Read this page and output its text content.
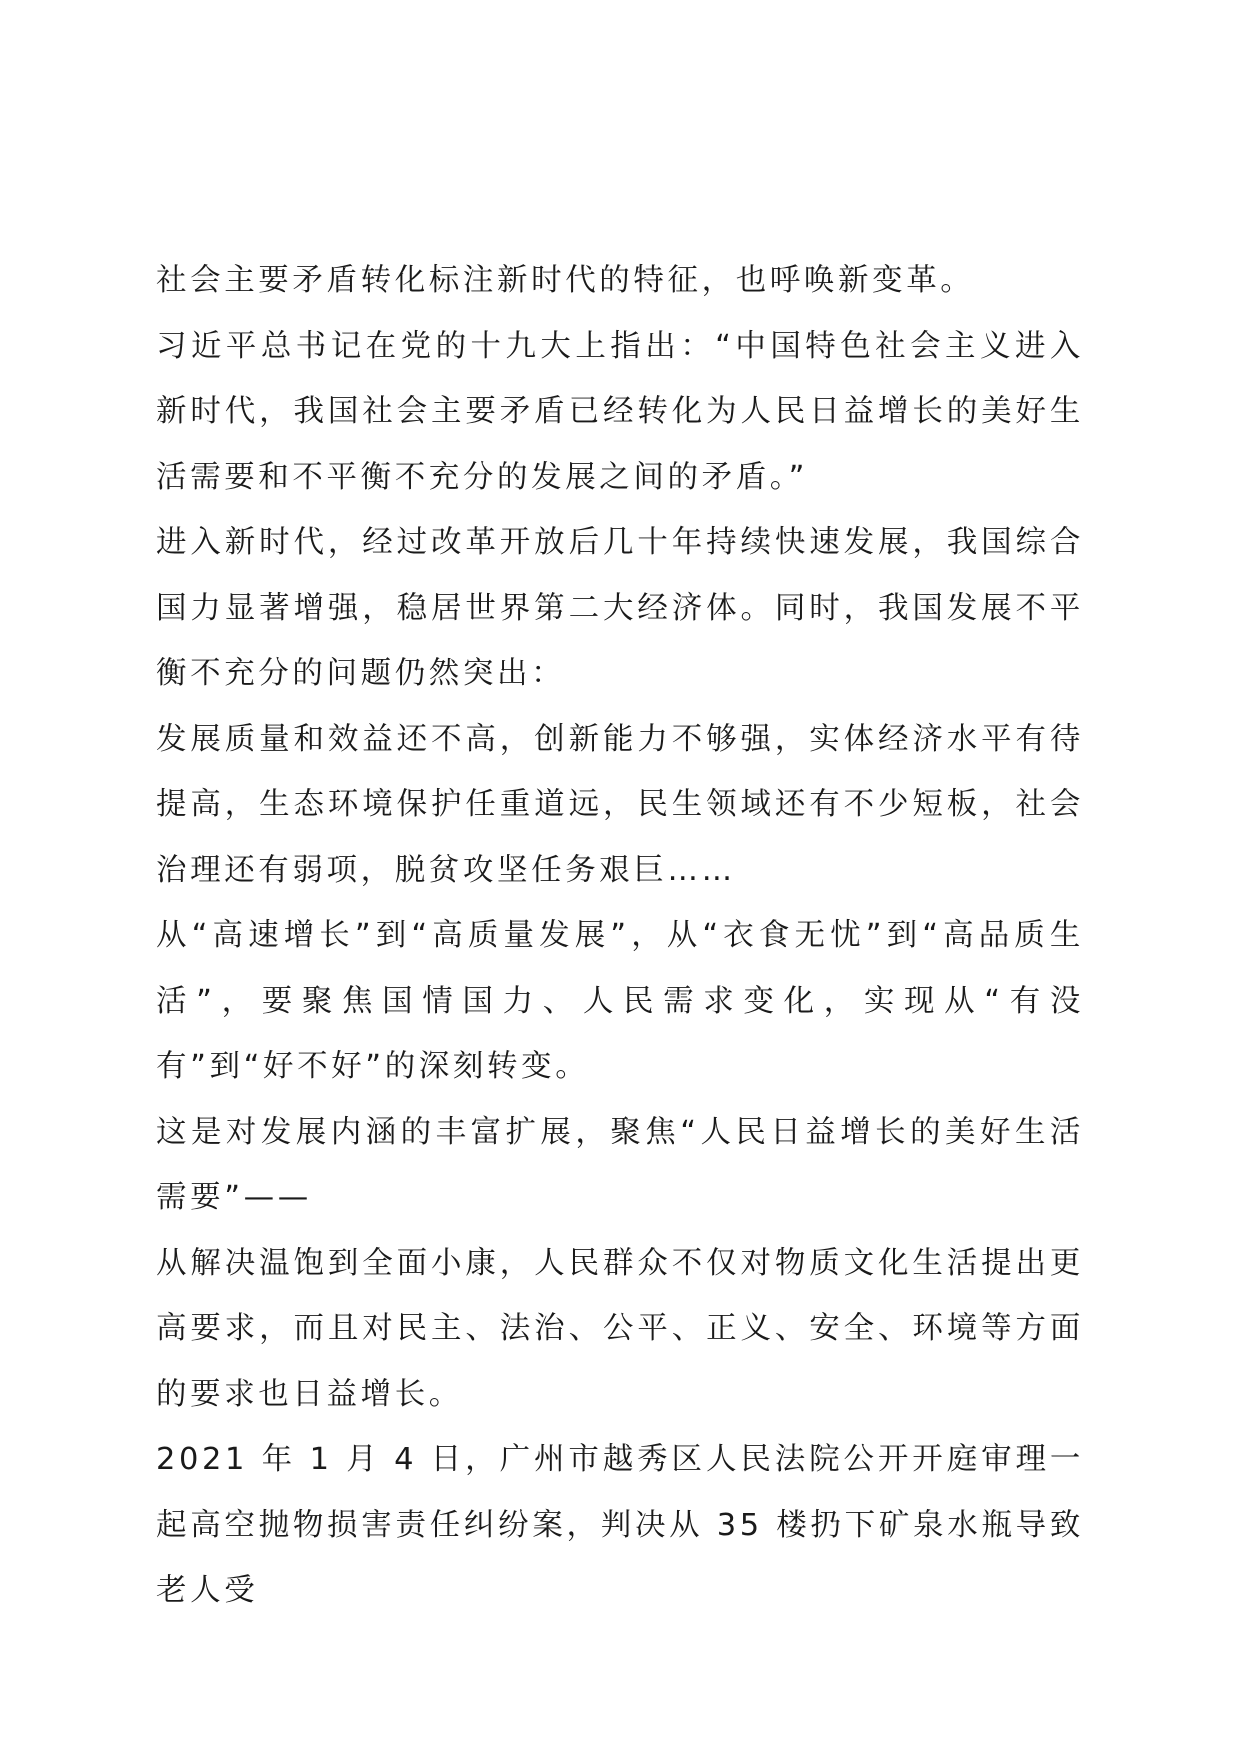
社会主要矛盾转化标注新时代的特征，也呼唤新变革。

习近平总书记在党的十九大上指出：“中国特色社会主义进入新时代，我国社会主要矛盾已经转化为人民日益增长的美好生活需要和不平衡不充分的发展之间的矛盾。”

进入新时代，经过改革开放后几十年持续快速发展，我国综合国力显著增强，稳居世界第二大经济体。同时，我国发展不平衡不充分的问题仍然突出：

发展质量和效益还不高，创新能力不够强，实体经济水平有待提高，生态环境保护任重道远，民生领域还有不少短板，社会治理还有弱项，脱贫攻坚任务艰巨……

从“高速增长”到“高质量发展”，从“衣食无忧”到“高品质生活”，要聚焦国情国力、人民需求变化，实现从“有没有”到“好不好”的深刻转变。

这是对发展内涵的丰富扩展，聚焦“人民日益增长的美好生活需要”——

从解决温饱到全面小康，人民群众不仅对物质文化生活提出更高要求，而且对民主、法治、公平、正义、安全、环境等方面的要求也日益增长。

2021 年 1 月 4 日，广州市越秀区人民法院公开开庭审理一起高空抛物损害责任纠纷案，判决从 35 楼扔下矿泉水瓶导致老人受
